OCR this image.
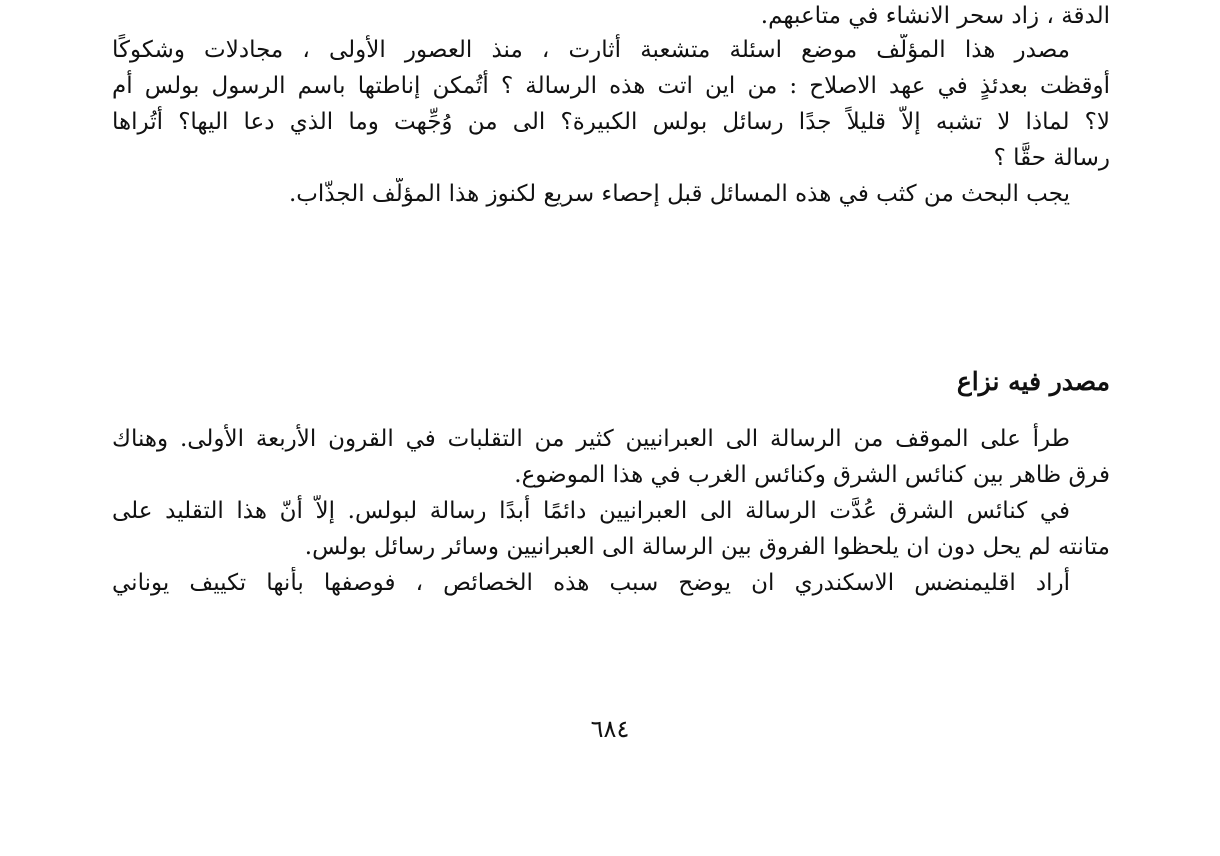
الدقة ، زاد سحر الانشاء في متاعبهم.
مصدر هذا المؤلّف موضع اسئلة متشعبة أثارت ، منذ العصور الأولى ، مجادلات وشكوكًا
أُوقظت بعدئذٍ في عهد الاصلاح : من اين اتت هذه الرسالة ؟ أتُمكن إناطتها باسم الرسول بولس أم
لا؟ لماذا لا تشبه إلاّ قليلاً جدًا رسائل بولس الكبيرة؟ الى من وُجِّهت وما الذي دعا اليها؟ أتُراها
رسالة حقًّا ؟
يجب البحث من كثب في هذه المسائل قبل إحصاء سريع لكنوز هذا المؤلّف الجذّاب.
مصدر فيه نزاع
طرأ على الموقف من الرسالة الى العبرانيين كثير من التقلبات في القرون الأربعة الأولى. وهناك
فرق ظاهر بين كنائس الشرق وكنائس الغرب في هذا الموضوع.
في كنائس الشرق عُدَّت الرسالة الى العبرانيين دائمًا أبدًا رسالة لبولس. إلاّ أنّ هذا التقليد على
متانته لم يحل دون ان يلحظوا الفروق بين الرسالة الى العبرانيين وسائر رسائل بولس.
أراد اقليمنضس الاسكندري ان يوضح سبب هذه الخصائص ، فوصفها بأنها تكييف يوناني
٦٨٤
